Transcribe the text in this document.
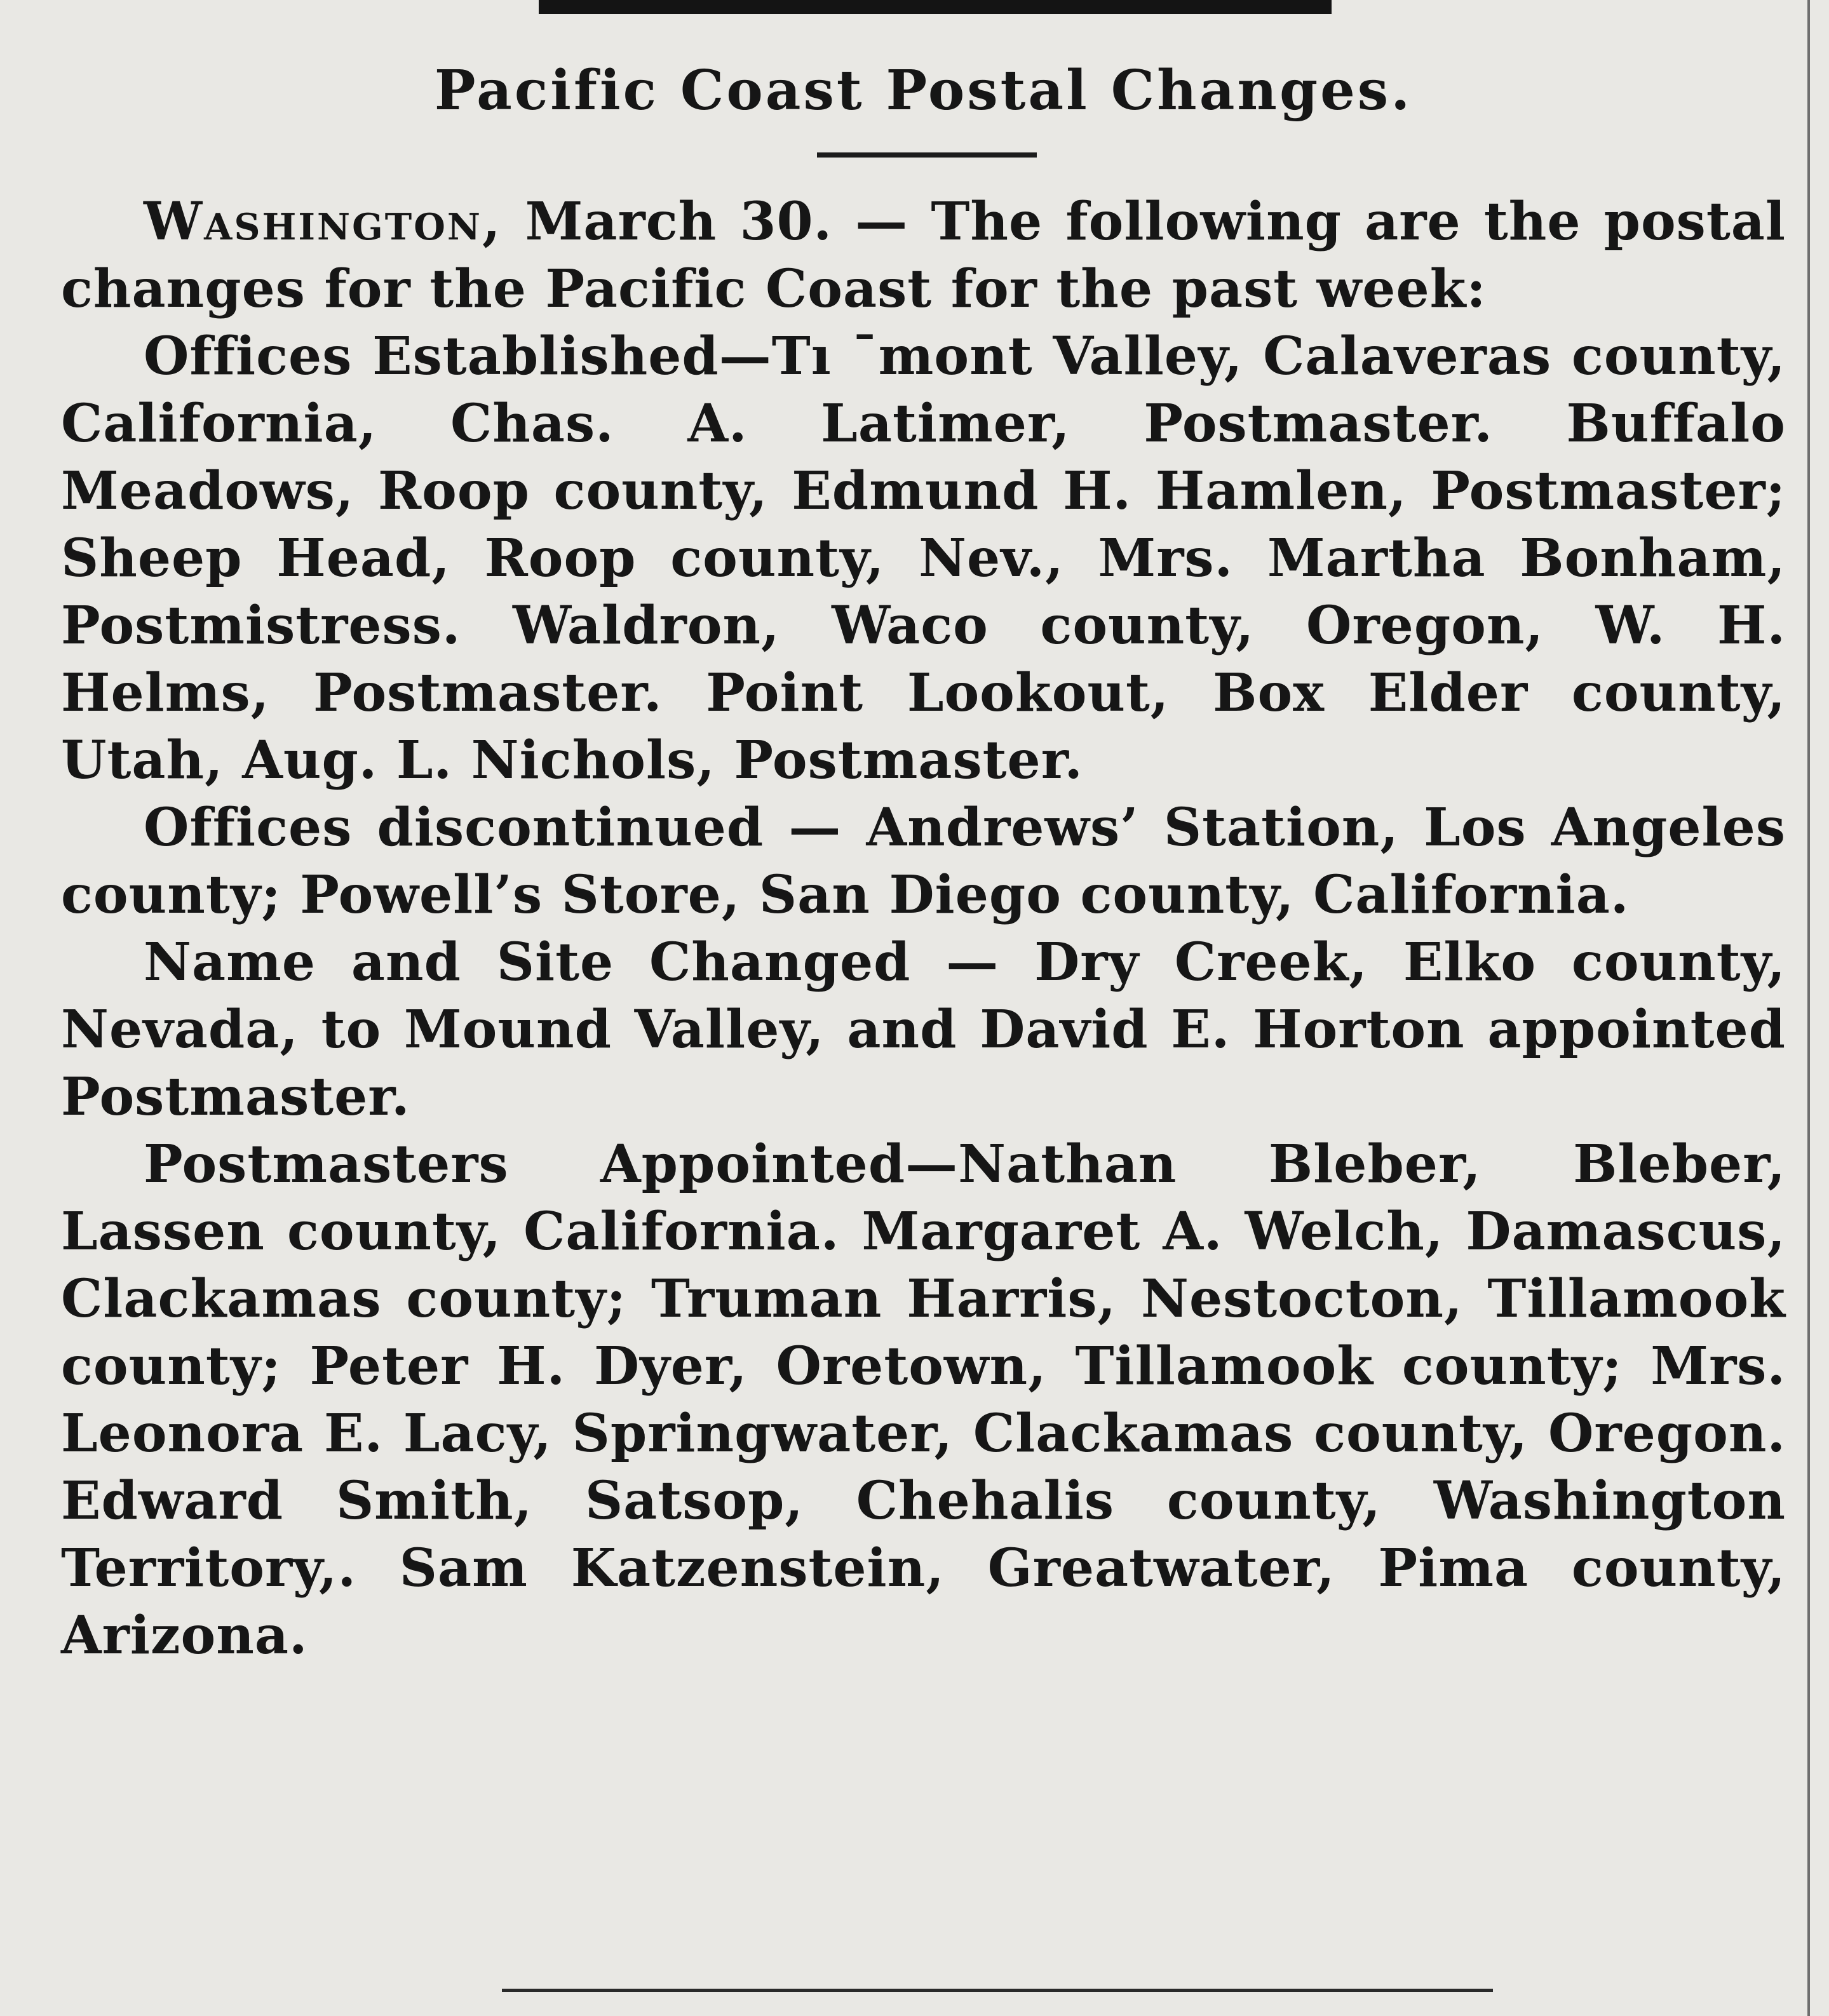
Pacific Coast Postal Changes.

Washington, March 30. — The following are the postal changes for the Pacific Coast for the past week:

Offices Established—Tı ˉmont Valley, Calaveras county, California, Chas. A. Latimer, Postmaster. Buffalo Meadows, Roop county, Edmund H. Hamlen, Postmaster; Sheep Head, Roop county, Nev., Mrs. Martha Bonham, Postmistress. Waldron, Waco county, Oregon, W. H. Helms, Postmaster. Point Lookout, Box Elder county, Utah, Aug. L. Nichols, Postmaster.

Offices discontinued — Andrews’ Station, Los Angeles county; Powell’s Store, San Diego county, California.

Name and Site Changed — Dry Creek, Elko county, Nevada, to Mound Valley, and David E. Horton appointed Postmaster.

Postmasters Appointed—Nathan Bleber, Bleber, Lassen county, California. Margaret A. Welch, Damascus, Clackamas county; Truman Harris, Nestocton, Tillamook county; Peter H. Dyer, Oretown, Tillamook county; Mrs. Leonora E. Lacy, Springwater, Clackamas county, Oregon. Edward Smith, Satsop, Chehalis county, Washington Territory,. Sam Katzenstein, Greatwater, Pima county, Arizona.
